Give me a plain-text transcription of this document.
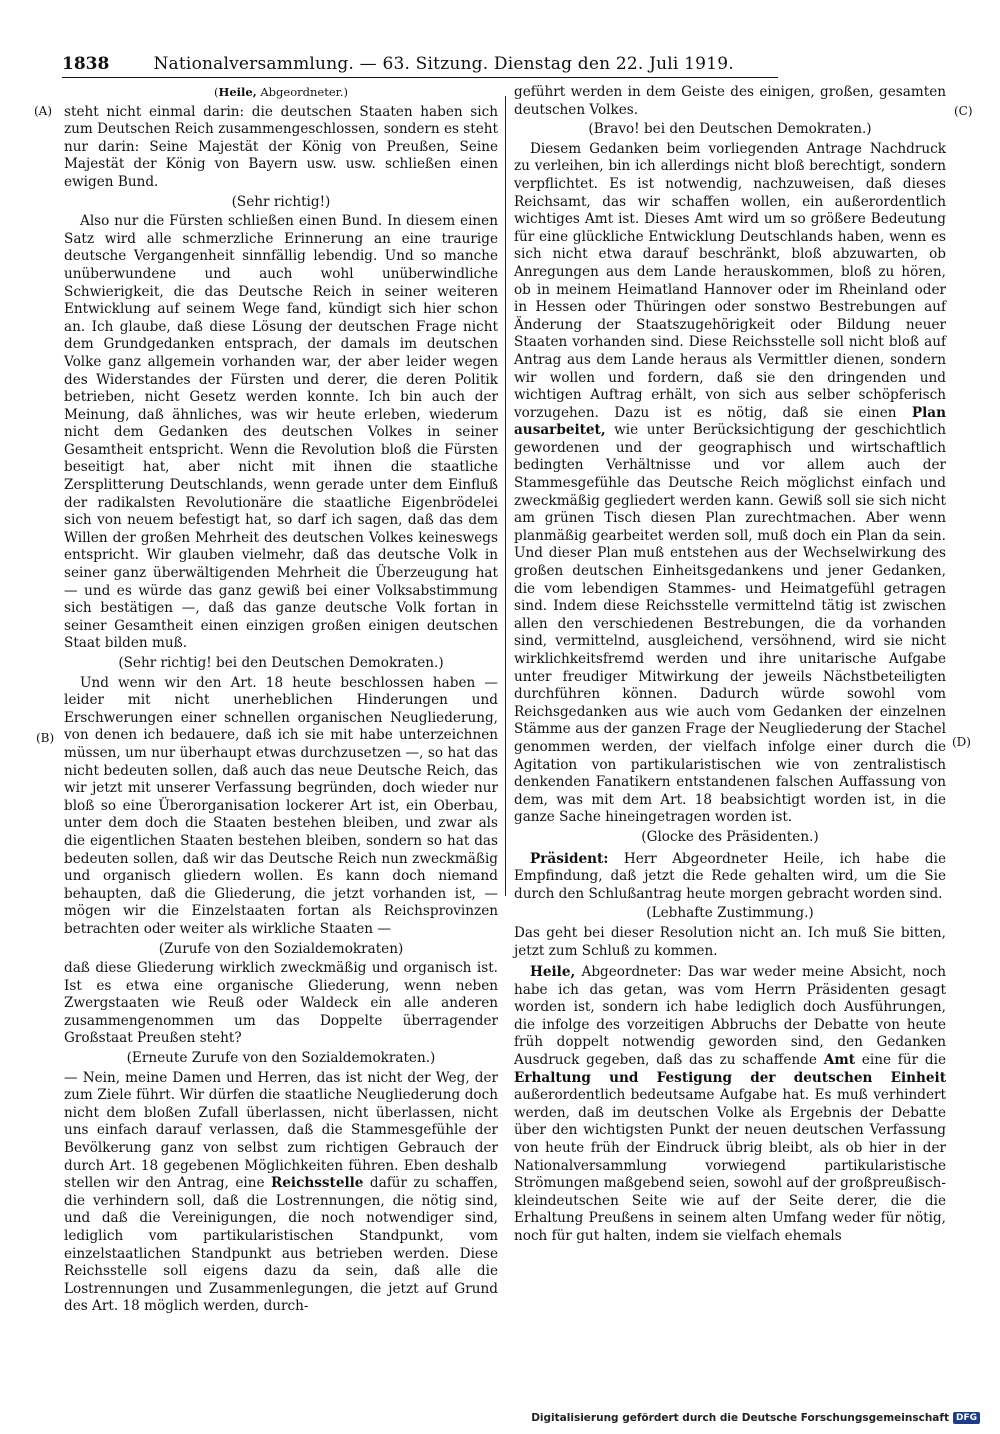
1838	Nationalversammlung. — 63. Sitzung. Dienstag den 22. Juli 1919.
(A)
(B)
(C)
(D)
(Heile, Abgeordneter.)

steht nicht einmal darin: die deutschen Staaten haben sich zum Deutschen Reich zusammengeschlossen, sondern es steht nur darin: Seine Majestät der König von Preußen, Seine Majestät der König von Bayern usw. usw. schließen einen ewigen Bund.

(Sehr richtig!)

Also nur die Fürsten schließen einen Bund. In diesem einen Satz wird alle schmerzliche Erinnerung an eine traurige deutsche Vergangenheit sinnfällig lebendig. Und so manche unüberwundene und auch wohl unüberwindliche Schwierigkeit, die das Deutsche Reich in seiner weiteren Entwicklung auf seinem Wege fand, kündigt sich hier schon an. Ich glaube, daß diese Lösung der deutschen Frage nicht dem Grundgedanken entsprach, der damals im deutschen Volke ganz allgemein vorhanden war, der aber leider wegen des Widerstandes der Fürsten und derer, die deren Politik betrieben, nicht Gesetz werden konnte. Ich bin auch der Meinung, daß ähnliches, was wir heute erleben, wiederum nicht dem Gedanken des deutschen Volkes in seiner Gesamtheit entspricht. Wenn die Revolution bloß die Fürsten beseitigt hat, aber nicht mit ihnen die staatliche Zersplitterung Deutschlands, wenn gerade unter dem Einfluß der radikalsten Revolutionäre die staatliche Eigenbrödelei sich von neuem befestigt hat, so darf ich sagen, daß das dem Willen der großen Mehrheit des deutschen Volkes keineswegs entspricht. Wir glauben vielmehr, daß das deutsche Volk in seiner ganz überwältigenden Mehrheit die Überzeugung hat — und es würde das ganz gewiß bei einer Volksabstimmung sich bestätigen —, daß das ganze deutsche Volk fortan in seiner Gesamtheit einen einzigen großen einigen deutschen Staat bilden muß.

(Sehr richtig! bei den Deutschen Demokraten.)

Und wenn wir den Art. 18 heute beschlossen haben — leider mit nicht unerheblichen Hinderungen und Erschwerungen einer schnellen organischen Neugliederung, von denen ich bedauere, daß ich sie mit habe unterzeichnen müssen, um nur überhaupt etwas durchzusetzen —, so hat das nicht bedeuten sollen, daß auch das neue Deutsche Reich, das wir jetzt mit unserer Verfassung begründen, doch wieder nur bloß so eine Überorganisation lockerer Art ist, ein Oberbau, unter dem doch die Staaten bestehen bleiben, und zwar als die eigentlichen Staaten bestehen bleiben, sondern so hat das bedeuten sollen, daß wir das Deutsche Reich nun zweckmäßig und organisch gliedern wollen. Es kann doch niemand behaupten, daß die Gliederung, die jetzt vorhanden ist, — mögen wir die Einzelstaaten fortan als Reichsprovinzen betrachten oder weiter als wirkliche Staaten —

(Zurufe von den Sozialdemokraten)

daß diese Gliederung wirklich zweckmäßig und organisch ist. Ist es etwa eine organische Gliederung, wenn neben Zwergstaaten wie Reuß oder Waldeck ein alle anderen zusammengenommen um das Doppelte überragender Großstaat Preußen steht?

(Erneute Zurufe von den Sozialdemokraten.)

— Nein, meine Damen und Herren, das ist nicht der Weg, der zum Ziele führt. Wir dürfen die staatliche Neugliederung doch nicht dem bloßen Zufall überlassen, nicht überlassen, nicht uns einfach darauf verlassen, daß die Stammesgefühle der Bevölkerung ganz von selbst zum richtigen Gebrauch der durch Art. 18 gegebenen Möglichkeiten führen. Eben deshalb stellen wir den Antrag, eine Reichsstelle dafür zu schaffen, die verhindern soll, daß die Lostrennungen, die nötig sind, und daß die Vereinigungen, die noch notwendiger sind, lediglich vom partikularistischen Standpunkt, vom einzelstaatlichen Standpunkt aus betrieben werden. Diese Reichsstelle soll eigens dazu da sein, daß alle die Lostrennungen und Zusammenlegungen, die jetzt auf Grund des Art. 18 möglich werden, durch-

geführt werden in dem Geiste des einigen, großen, gesamten deutschen Volkes.

(Bravo! bei den Deutschen Demokraten.)

Diesem Gedanken beim vorliegenden Antrage Nachdruck zu verleihen, bin ich allerdings nicht bloß berechtigt, sondern verpflichtet. Es ist notwendig, nachzuweisen, daß dieses Reichsamt, das wir schaffen wollen, ein außerordentlich wichtiges Amt ist. Dieses Amt wird um so größere Bedeutung für eine glückliche Entwicklung Deutschlands haben, wenn es sich nicht etwa darauf beschränkt, bloß abzuwarten, ob Anregungen aus dem Lande herauskommen, bloß zu hören, ob in meinem Heimatland Hannover oder im Rheinland oder in Hessen oder Thüringen oder sonstwo Bestrebungen auf Änderung der Staatszugehörigkeit oder Bildung neuer Staaten vorhanden sind. Diese Reichsstelle soll nicht bloß auf Antrag aus dem Lande heraus als Vermittler dienen, sondern wir wollen und fordern, daß sie den dringenden und wichtigen Auftrag erhält, von sich aus selber schöpferisch vorzugehen. Dazu ist es nötig, daß sie einen Plan ausarbeitet, wie unter Berücksichtigung der geschichtlich gewordenen und der geographisch und wirtschaftlich bedingten Verhältnisse und vor allem auch der Stammesgefühle das Deutsche Reich möglichst einfach und zweckmäßig gegliedert werden kann. Gewiß soll sie sich nicht am grünen Tisch diesen Plan zurechtmachen. Aber wenn planmäßig gearbeitet werden soll, muß doch ein Plan da sein. Und dieser Plan muß entstehen aus der Wechselwirkung des großen deutschen Einheitsgedankens und jener Gedanken, die vom lebendigen Stammes- und Heimatgefühl getragen sind. Indem diese Reichsstelle vermittelnd tätig ist zwischen allen den verschiedenen Bestrebungen, die da vorhanden sind, vermittelnd, ausgleichend, versöhnend, wird sie nicht wirklichkeitsfremd werden und ihre unitarische Aufgabe unter freudiger Mitwirkung der jeweils Nächstbeteiligten durchführen können. Dadurch würde sowohl vom Reichsgedanken aus wie auch vom Gedanken der einzelnen Stämme aus der ganzen Frage der Neugliederung der Stachel genommen werden, der vielfach infolge einer durch die Agitation von partikularistischen wie von zentralistisch denkenden Fanatikern entstandenen falschen Auffassung von dem, was mit dem Art. 18 beabsichtigt worden ist, in die ganze Sache hineingetragen worden ist.

(Glocke des Präsidenten.)

Präsident: Herr Abgeordneter Heile, ich habe die Empfindung, daß jetzt die Rede gehalten wird, um die Sie durch den Schlußantrag heute morgen gebracht worden sind.

(Lebhafte Zustimmung.)

Das geht bei dieser Resolution nicht an. Ich muß Sie bitten, jetzt zum Schluß zu kommen.

Heile, Abgeordneter: Das war weder meine Absicht, noch habe ich das getan, was vom Herrn Präsidenten gesagt worden ist, sondern ich habe lediglich doch Ausführungen, die infolge des vorzeitigen Abbruchs der Debatte von heute früh doppelt notwendig geworden sind, den Gedanken Ausdruck gegeben, daß das zu schaffende Amt eine für die Erhaltung und Festigung der deutschen Einheit außerordentlich bedeutsame Aufgabe hat. Es muß verhindert werden, daß im deutschen Volke als Ergebnis der Debatte über den wichtigsten Punkt der neuen deutschen Verfassung von heute früh der Eindruck übrig bleibt, als ob hier in der Nationalversammlung vorwiegend partikularistische Strömungen maßgebend seien, sowohl auf der großpreußisch-kleindeutschen Seite wie auf der Seite derer, die die Erhaltung Preußens in seinem alten Umfang weder für nötig, noch für gut halten, indem sie vielfach ehemals

Digitalisierung gefördert durch die Deutsche Forschungsgemeinschaft DFG
